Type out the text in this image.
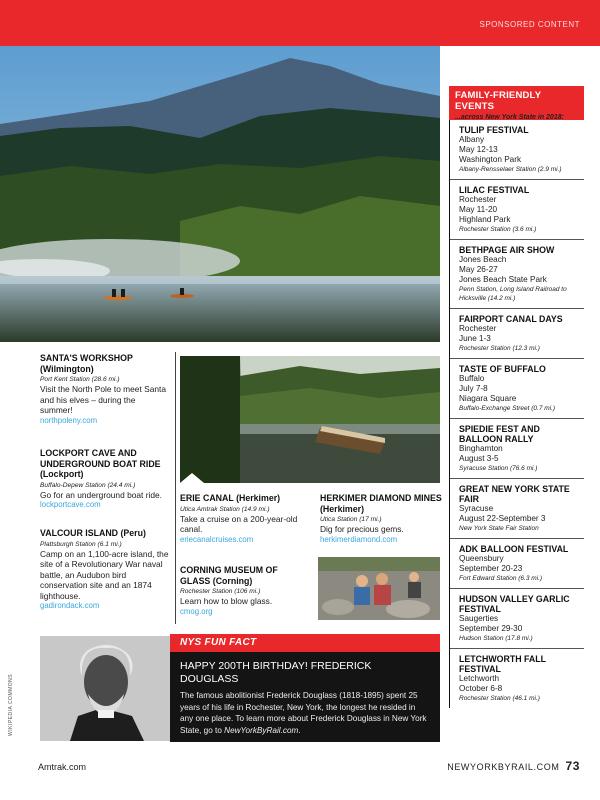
SPONSORED CONTENT
FAMILY-FRIENDLY EVENTS
...across New York State in 2018:
TULIP FESTIVAL
Albany
May 12-13
Washington Park
Albany-Rensselaer Station (2.9 mi.)
LILAC FESTIVAL
Rochester
May 11-20
Highland Park
Rochester Station (3.6 mi.)
BETHPAGE AIR SHOW
Jones Beach
May 26-27
Jones Beach State Park
Penn Station, Long Island Railroad to Hicksville (14.2 mi.)
FAIRPORT CANAL DAYS
Rochester
June 1-3
Rochester Station (12.3 mi.)
TASTE OF BUFFALO
Buffalo
July 7-8
Niagara Square
Buffalo-Exchange Street (0.7 mi.)
SPIEDIE FEST AND BALLOON RALLY
Binghamton
August 3-5
Syracuse Station (76.6 mi.)
GREAT NEW YORK STATE FAIR
Syracuse
August 22-September 3
New York State Fair Station
ADK BALLOON FESTIVAL
Queensbury
September 20-23
Fort Edward Station (6.3 mi.)
HUDSON VALLEY GARLIC FESTIVAL
Saugerties
September 29-30
Hudson Station (17.8 mi.)
LETCHWORTH FALL FESTIVAL
Letchworth
October 6-8
Rochester Station (46.1 mi.)
SANTA'S WORKSHOP
(Wilmington)
Port Kent Station (28.6 mi.)
Visit the North Pole to meet Santa and his elves – during the summer!
northpoleny.com
LOCKPORT CAVE AND UNDERGROUND BOAT RIDE (Lockport)
Buffalo-Depew Station (24.4 mi.)
Go for an underground boat ride.
lockportcave.com
VALCOUR ISLAND (Peru)
Plattsburgh Station (6.1 mi.)
Camp on an 1,100-acre island, the site of a Revolutionary War naval battle, an Audubon bird conservation site and an 1874 lighthouse.
gadirondack.com
ERIE CANAL (Herkimer)
Utica Amtrak Station (14.9 mi.)
Take a cruise on a 200-year-old canal.
eriecanalcruises.com
CORNING MUSEUM OF GLASS (Corning)
Rochester Station (106 mi.)
Learn how to blow glass.
cmog.org
HERKIMER DIAMOND MINES
(Herkimer)
Utica Station (17 mi.)
Dig for precious gems.
herkimerdiamond.com
NYS FUN FACT
HAPPY 200TH BIRTHDAY! FREDERICK DOUGLASS
The famous abolitionist Frederick Douglass (1818-1895) spent 25 years of his life in Rochester, New York, the longest he resided in any one place. To learn more about Frederick Douglass in New York State, go to NewYorkByRail.com.
WIKIPEDIA COMMONS
Amtrak.com	NEWYORKBYRAIL.COM 73
